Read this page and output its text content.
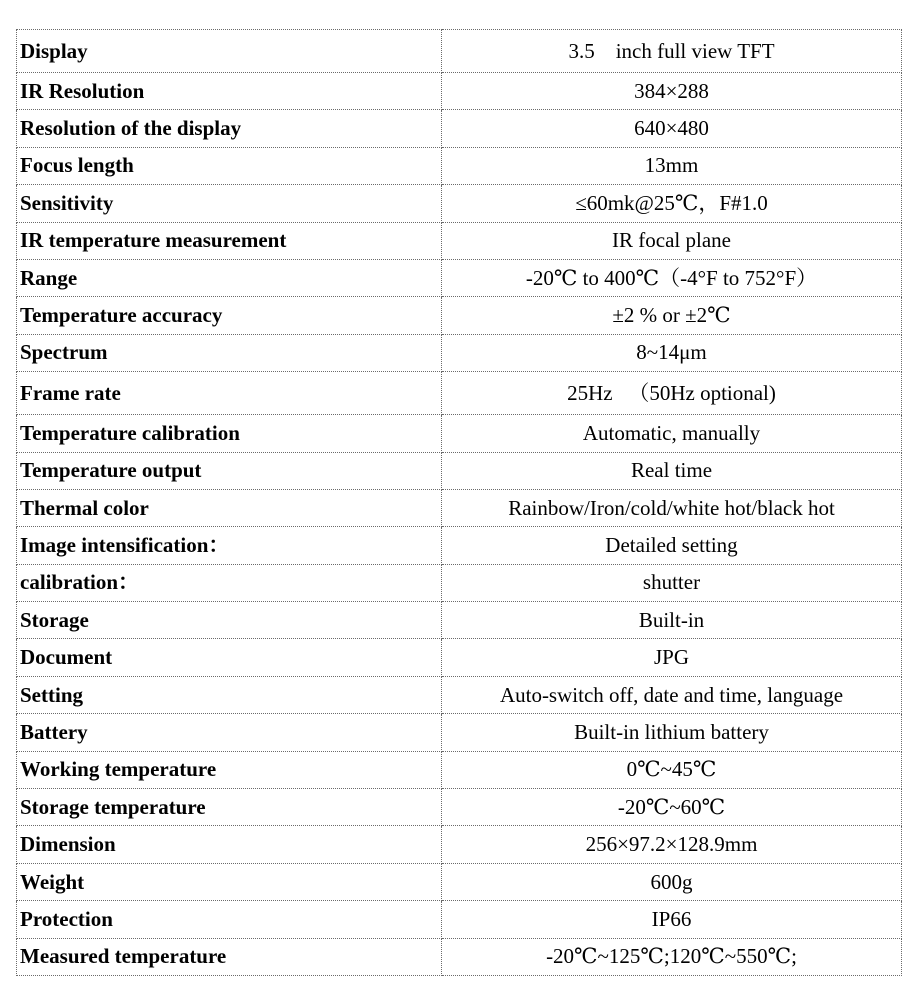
Display	3.5    inch full view TFT
IR Resolution	384×288
Resolution of the display	640×480
Focus length	13mm
Sensitivity	≤60mk@25℃，F#1.0
IR temperature measurement	IR focal plane
Range	-20℃ to 400℃（-4°F to 752°F）
Temperature accuracy	±2 % or ±2℃
Spectrum	8~14μm
Frame rate	25Hz   （50Hz optional)
Temperature calibration	Automatic, manually
Temperature output	Real time
Thermal color	Rainbow/Iron/cold/white hot/black hot
Image intensification：	Detailed setting
calibration：	shutter
Storage	Built-in
Document	JPG
Setting	Auto-switch off, date and time, language
Battery	Built-in lithium battery
Working temperature	0℃~45℃
Storage temperature	-20℃~60℃
Dimension	256×97.2×128.9mm
Weight	600g
Protection	IP66
Measured temperature	-20℃~125℃;120℃~550℃;
